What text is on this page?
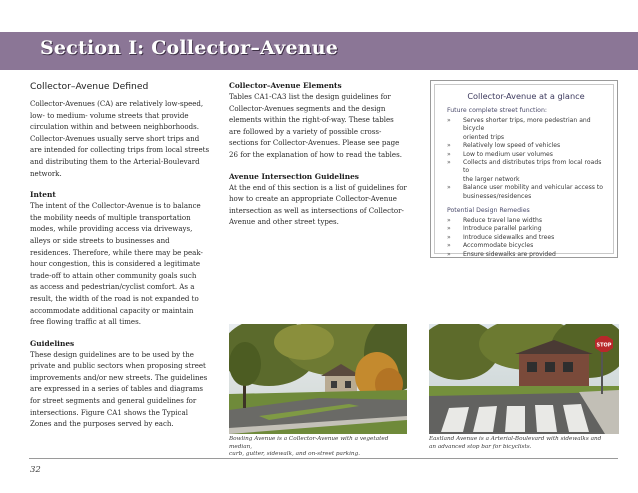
Section I: Collector–Avenue
Collector–Avenue Defined
Collector-Avenues (CA) are relatively low-speed,
low- to medium- volume streets that provide
circulation within and between neighborhoods.
Collector-Avenues usually serve short trips and
are intended for collecting trips from local streets
and distributing them to the Arterial-Boulevard
network.
Intent
The intent of the Collector-Avenue is to balance
the mobility needs of multiple transportation
modes, while providing access via driveways,
alleys or side streets to businesses and
residences. Therefore, while there may be peak-
hour congestion, this is considered a legitimate
trade-off to attain other community goals such
as access and pedestrian/cyclist comfort. As a
result, the width of the road is not expanded to
accommodate additional capacity or maintain
free flowing traffic at all times.
Guidelines
These design guidelines are to be used by the
private and public sectors when proposing street
improvements and/or new streets. The guidelines
are expressed in a series of tables and diagrams
for street segments and general guidelines for
intersections. Figure CA1 shows the Typical
Zones and the purposes served by each.
Collector–Avenue Elements
Tables CA1-CA3 list the design guidelines for
Collector-Avenues segments and the design
elements within the right-of-way. These tables
are followed by a variety of possible cross-
sections for Collector-Avenues. Please see page
26 for the explanation of how to read the tables.
Avenue Intersection Guidelines
At the end of this section is a list of guidelines for
how to create an appropriate Collector-Avenue
intersection as well as intersections of Collector-
Avenue and other street types.
Collector-Avenue at a glance
Future complete street function:
» Serves shorter trips, more pedestrian and bicycle
oriented trips
» Relatively low speed of vehicles
» Low to medium user volumes
» Collects and distributes trips from local roads to
the larger network
» Balance user mobility and vehicular access to
businesses/residences
Potential Design Remedies
» Reduce travel lane widths
» Introduce parallel parking
» Introduce sidewalks and trees
» Accommodate bicycles
» Ensure sidewalks are provided
STOP
Bowling Avenue is a Collector-Avenue with a vegetated median,
curb, gutter, sidewalk, and on-street parking.
Eastland Avenue is a Arterial-Boulevard with sidewalks and
an advanced stop bar for bicyclists.
32
